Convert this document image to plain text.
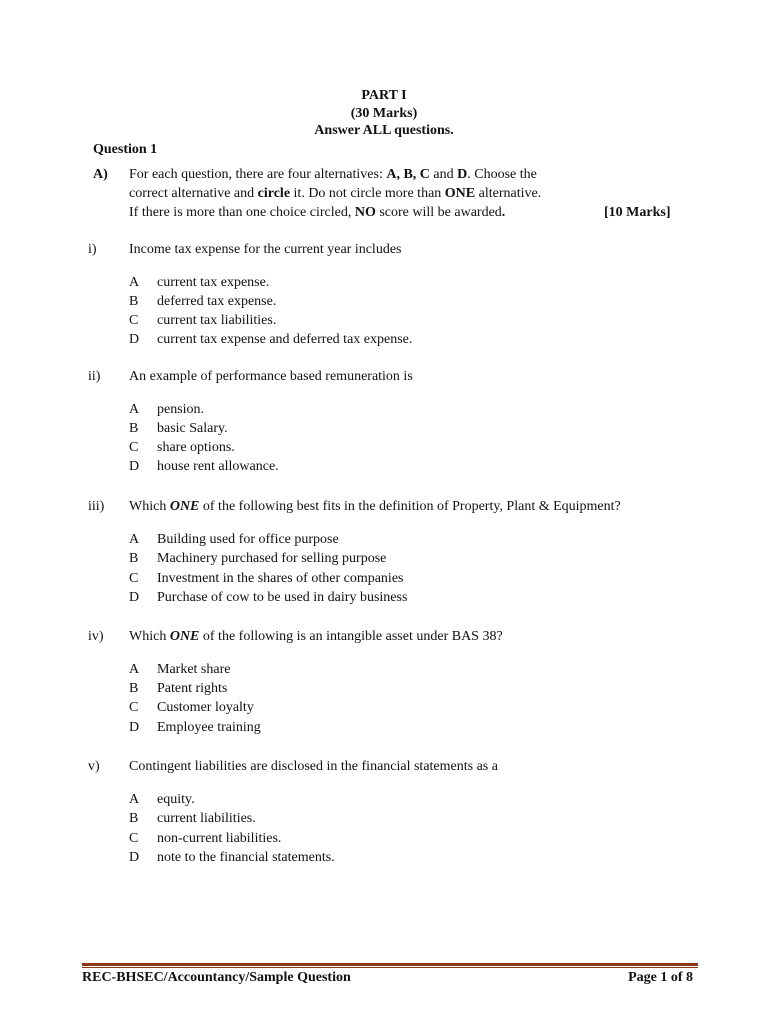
PART I
(30 Marks)
Answer ALL questions.
Question 1
A) For each question, there are four alternatives: A, B, C and D. Choose the
correct alternative and circle it. Do not circle more than ONE alternative.
If there is more than one choice circled, NO score will be awarded.	[10 Marks]
i) Income tax expense for the current year includes
A current tax expense.
B deferred tax expense.
C current tax liabilities.
D current tax expense and deferred tax expense.
ii) An example of performance based remuneration is
A pension.
B basic Salary.
C share options.
D house rent allowance.
iii) Which ONE of the following best fits in the definition of Property, Plant & Equipment?
A Building used for office purpose
B Machinery purchased for selling purpose
C Investment in the shares of other companies
D Purchase of cow to be used in dairy business
iv) Which ONE of the following is an intangible asset under BAS 38?
A Market share
B Patent rights
C Customer loyalty
D Employee training
v) Contingent liabilities are disclosed in the financial statements as a
A equity.
B current liabilities.
C non-current liabilities.
D note to the financial statements.
REC-BHSEC/Accountancy/Sample Question	Page 1 of 8
